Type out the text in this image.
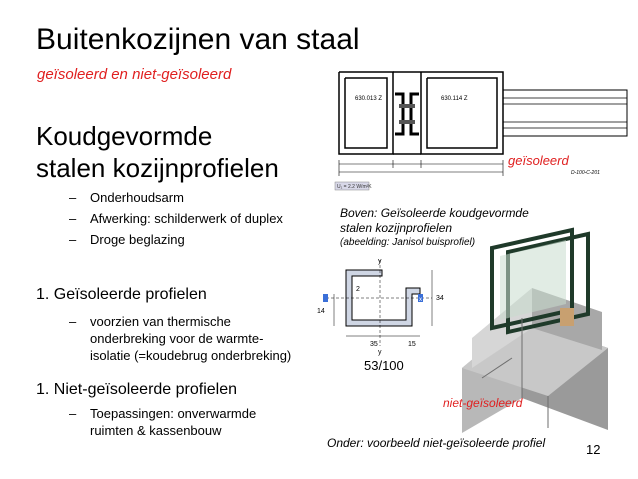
Buitenkozijnen van staal
geïsoleerd en niet-geïsoleerd
Koudgevormde
stalen kozijnprofielen
– Onderhoudsarm
– Afwerking: schilderwerk of duplex
– Droge beglazing
1. Geïsoleerde profielen
– voorzien van thermische onderbreking voor de warmte-isolatie (=koudebrug onderbreking)
1. Niet-geïsoleerde profielen
– Toepassingen: onverwarmde ruimten & kassenbouw
630.013 Z	630.114 Z
U₁ = 2.2 W/m²K
D-100-C-201
geïsoleerd
Boven: Geïsoleerde koudgevormde
stalen kozijnprofielen
(abeelding: Janisol buisprofiel)
x
x
y
y
2
34
35	15
14
53/100
niet-geïsoleerd
Onder: voorbeeld niet-geïsoleerde profiel	12
